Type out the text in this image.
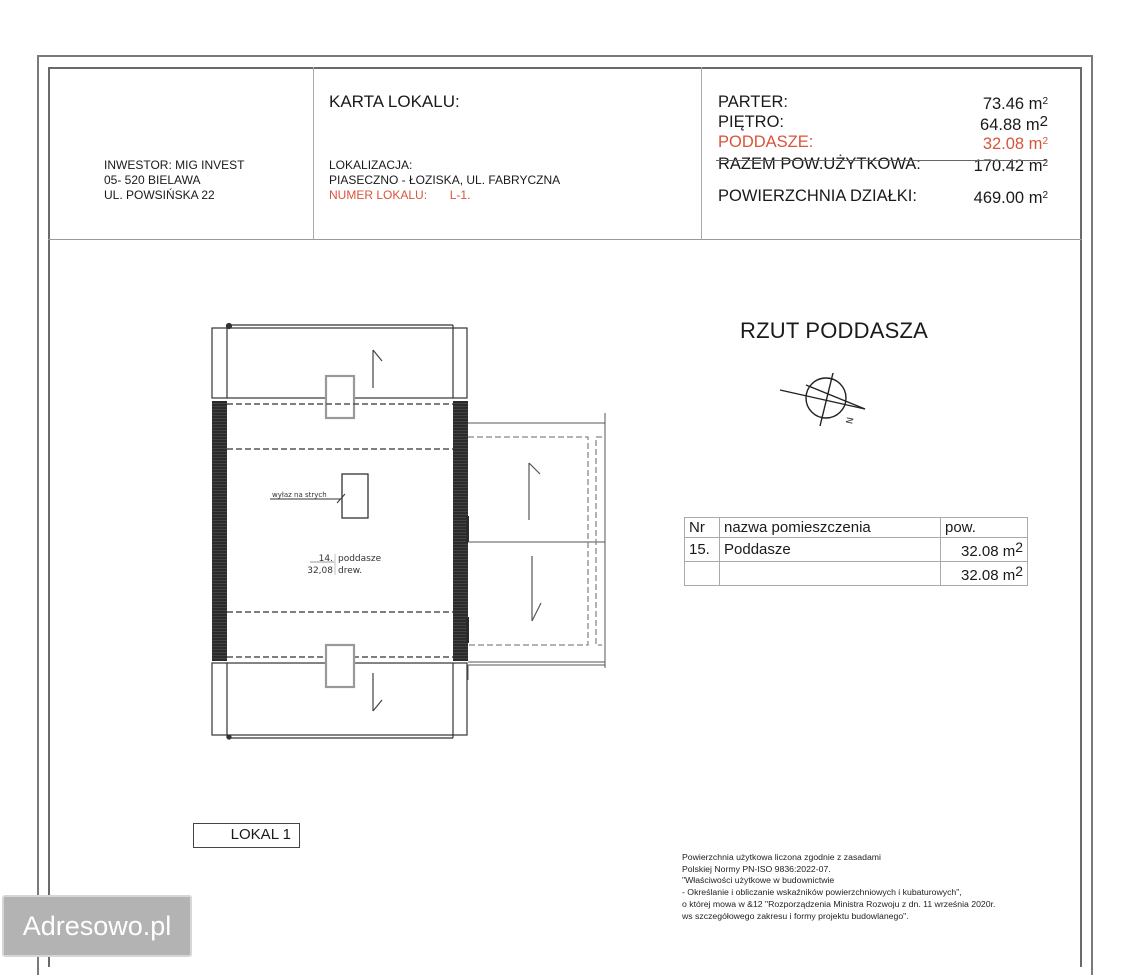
INWESTOR: MIG INVEST
05- 520 BIELAWA
UL. POWSIŃSKA 22
KARTA LOKALU:
LOKALIZACJA:
PIASECZNO - ŁOZISKA, UL. FABRYCZNA
NUMER LOKALU: L-1.
PARTER:	73.46 $m^2$
PIĘTRO:	64.88 $m^2$
PODDASZE:	32.08 $m^2$
RAZEM POW.UŻYTKOWA:	170.42 $m^2$
POWIERZCHNIA DZIAŁKI:	469.00 $m^2$
RZUT PODDASZA
wyłaz na strych
14.
32,08
poddasze
drew.
N
Nr	nazwa pomieszczenia	pow.
15.	Poddasze	32.08 $m^2$
		32.08 $m^2$
LOKAL 1
Powierzchnia użytkowa liczona zgodnie z zasadami
Polskiej Normy PN-ISO 9836:2022-07.
"Właściwości użytkowe w budownictwie
- Określanie i obliczanie wskaźników powierzchniowych i kubaturowych",
o której mowa w &12 "Rozporządzenia Ministra Rozwoju z dn. 11 września 2020r.
ws szczegółowego zakresu i formy projektu budowlanego".
Adresowo.pl
